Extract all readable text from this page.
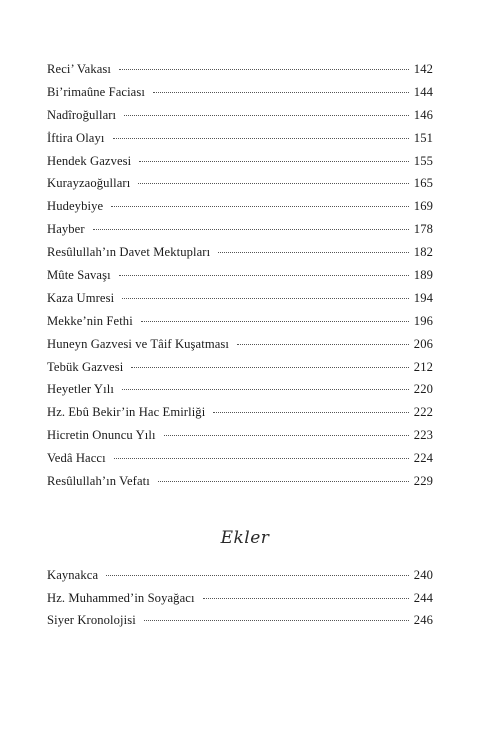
Reci’ Vakası	142
Bi’rimaûne Faciası	144
Nadîroğulları	146
İftira Olayı	151
Hendek Gazvesi	155
Kurayzaoğulları	165
Hudeybiye	169
Hayber	178
Resûlullah’ın Davet Mektupları	182
Mûte Savaşı	189
Kaza Umresi	194
Mekke’nin Fethi	196
Huneyn Gazvesi ve Tâif Kuşatması	206
Tebük Gazvesi	212
Heyetler Yılı	220
Hz. Ebû Bekir’in Hac Emirliği	222
Hicretin Onuncu Yılı	223
Vedâ Haccı	224
Resûlullah’ın Vefatı	229
Ekler
Kaynakca	240
Hz. Muhammed’in Soyağacı	244
Siyer Kronolojisi	246
